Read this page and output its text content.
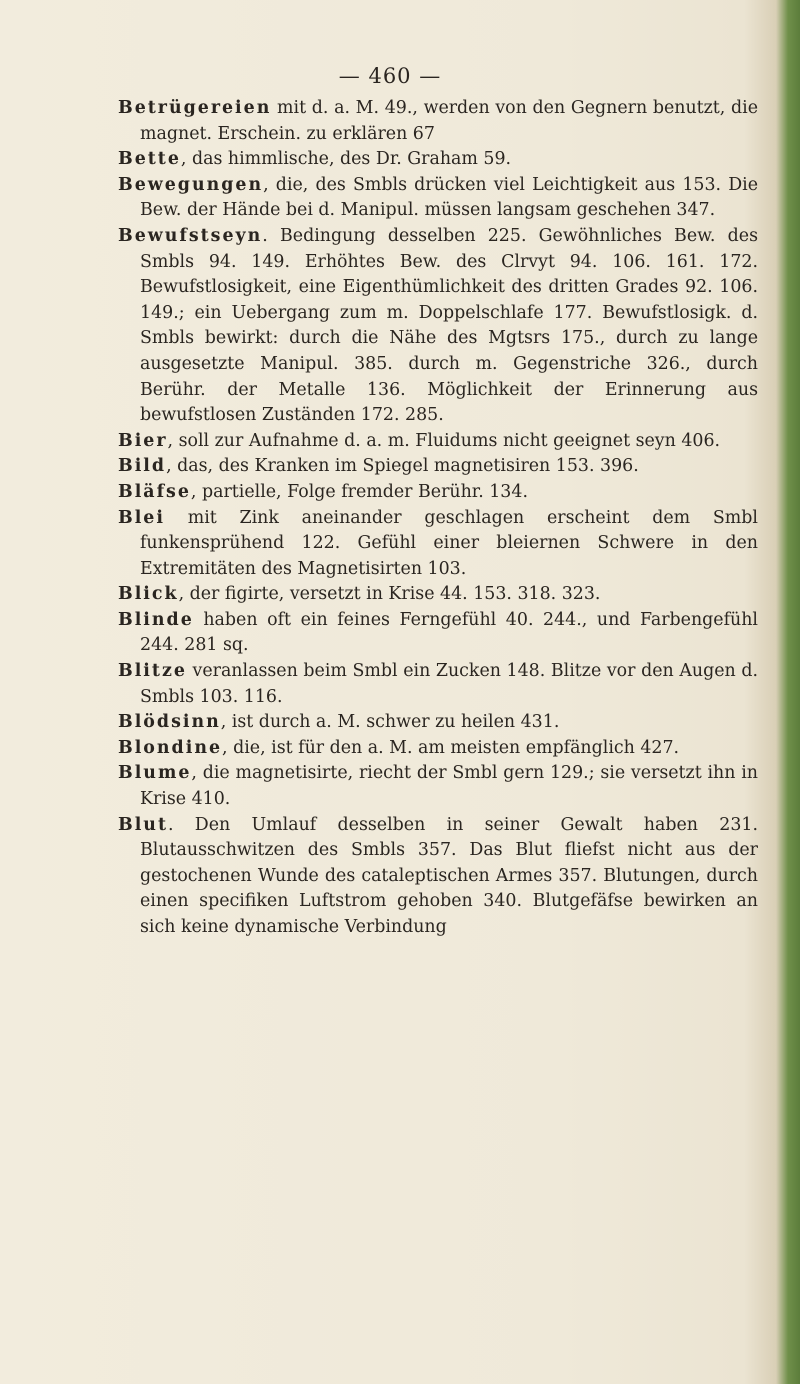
— 460 —

Betrügereien mit d. a. M. 49., werden von den Gegnern benutzt, die magnet. Erschein. zu erklären 67

Bette, das himmlische, des Dr. Graham 59.

Bewegungen, die, des Smbls drücken viel Leichtigkeit aus 153. Die Bew. der Hände bei d. Manipul. müssen langsam geschehen 347.

Bewufstseyn. Bedingung desselben 225. Gewöhnliches Bew. des Smbls 94. 149. Erhöhtes Bew. des Clrvyt 94. 106. 161. 172. Bewufstlosigkeit, eine Eigenthümlichkeit des dritten Grades 92. 106. 149.; ein Uebergang zum m. Doppelschlafe 177. Bewufstlosigk. d. Smbls bewirkt: durch die Nähe des Mgtsrs 175., durch zu lange ausgesetzte Manipul. 385. durch m. Gegenstriche 326., durch Berühr. der Metalle 136. Möglichkeit der Erinnerung aus bewufstlosen Zuständen 172. 285.

Bier, soll zur Aufnahme d. a. m. Fluidums nicht geeignet seyn 406.

Bild, das, des Kranken im Spiegel magnetisiren 153. 396.

Bläfse, partielle, Folge fremder Berühr. 134.

Blei mit Zink aneinander geschlagen erscheint dem Smbl funkensprühend 122. Gefühl einer bleiernen Schwere in den Extremitäten des Magnetisirten 103.

Blick, der figirte, versetzt in Krise 44. 153. 318. 323.

Blinde haben oft ein feines Ferngefühl 40. 244., und Farbengefühl 244. 281 sq.

Blitze veranlassen beim Smbl ein Zucken 148. Blitze vor den Augen d. Smbls 103. 116.

Blödsinn, ist durch a. M. schwer zu heilen 431.

Blondine, die, ist für den a. M. am meisten empfänglich 427.

Blume, die magnetisirte, riecht der Smbl gern 129.; sie versetzt ihn in Krise 410.

Blut. Den Umlauf desselben in seiner Gewalt haben 231. Blutausschwitzen des Smbls 357. Das Blut fliefst nicht aus der gestochenen Wunde des cataleptischen Armes 357. Blutungen, durch einen specifiken Luftstrom gehoben 340. Blutgefäfse bewirken an sich keine dynamische Verbindung
